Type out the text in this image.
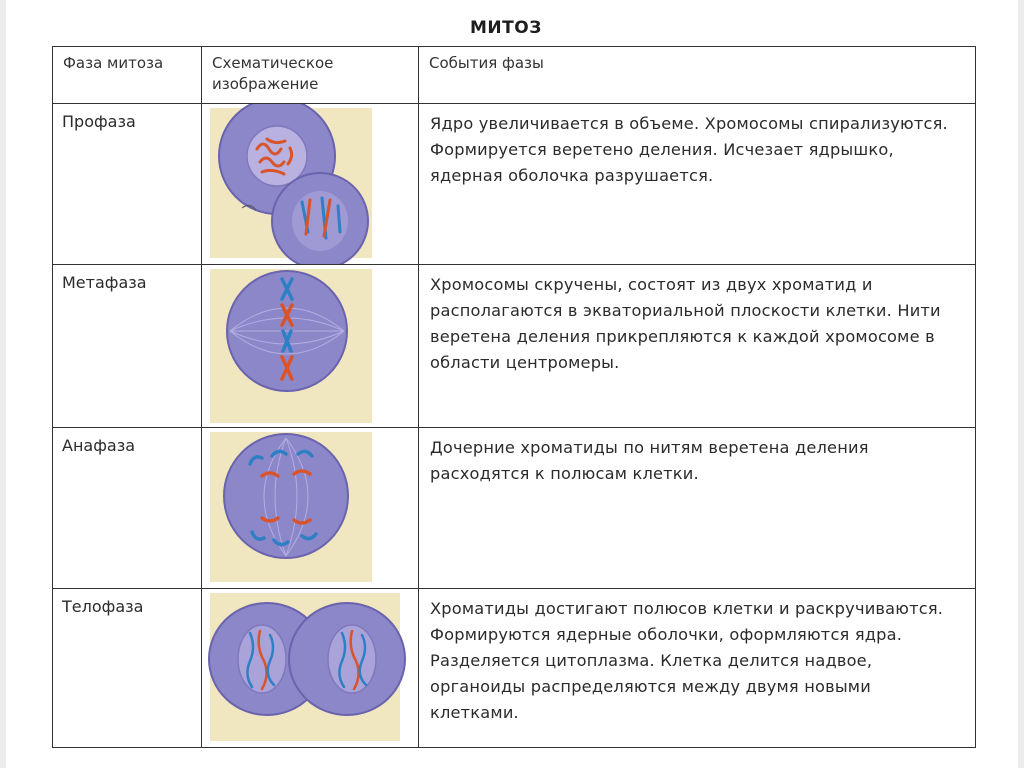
МИТОЗ
Фаза митоза	Схематическое изображение	События фазы

Профаза		Ядро увеличивается в объеме. Хромосомы спирализуются. Формируется веретено деления. Исчезает ядрышко, ядерная оболочка разрушается.

Метафаза		Хромосомы скручены, состоят из двух хроматид и располагаются в экваториальной плоскости клетки. Нити веретена деления прикрепляются к каждой хромосоме в области центромеры.

Анафаза		Дочерние хроматиды по нитям веретена деления расходятся к полюсам клетки.

Телофаза		Хроматиды достигают полюсов клетки и раскручиваются. Формируются ядерные оболочки, оформляются ядра. Разделяется цитоплазма. Клетка делится надвое, органоиды распределяются между двумя новыми клетками.
